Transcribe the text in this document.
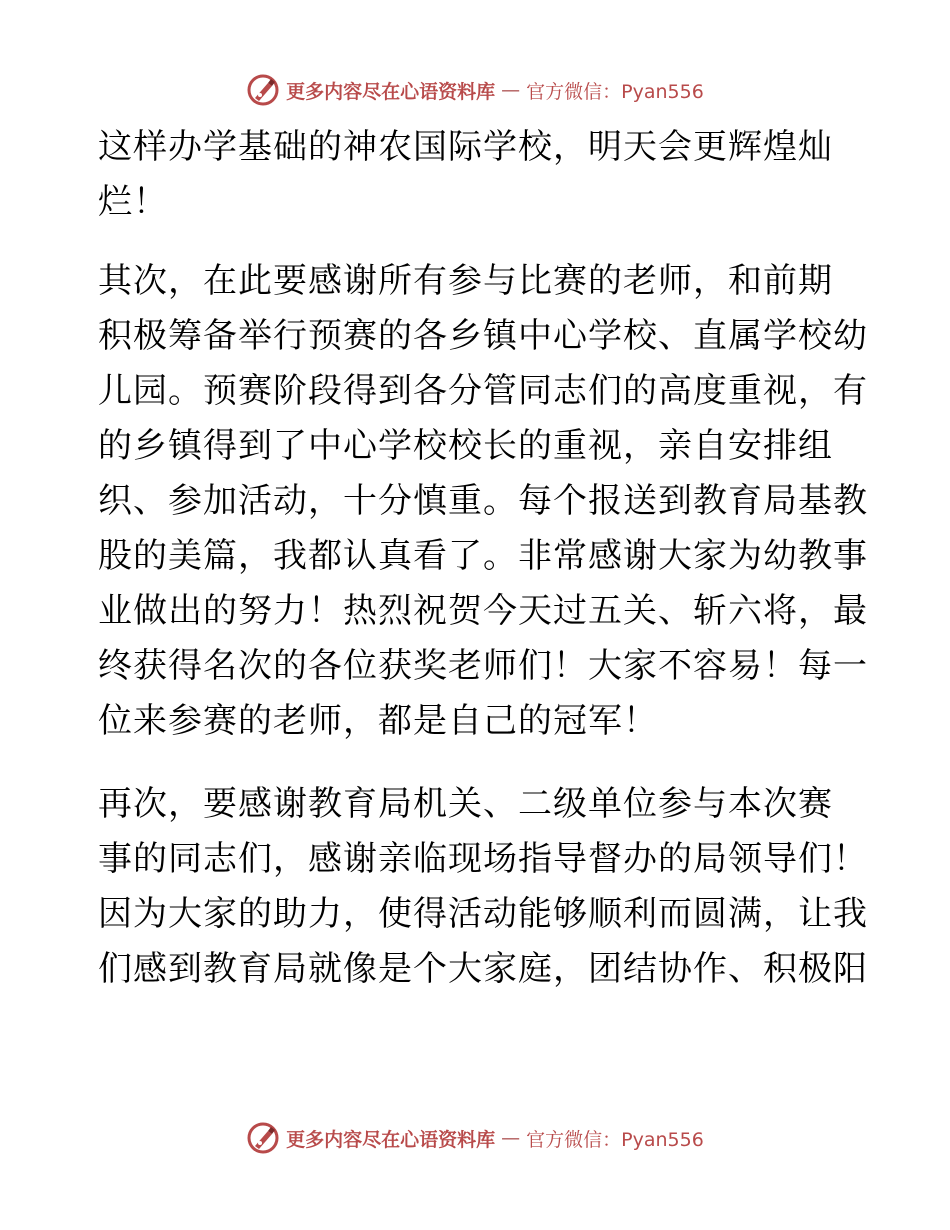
更多内容尽在心语资料库 — 官方微信：Pyan556
这样办学基础的神农国际学校，明天会更辉煌灿
烂！
其次，在此要感谢所有参与比赛的老师，和前期
积极筹备举行预赛的各乡镇中心学校、直属学校幼
儿园。预赛阶段得到各分管同志们的高度重视，有
的乡镇得到了中心学校校长的重视，亲自安排组
织、参加活动，十分慎重。每个报送到教育局基教
股的美篇，我都认真看了。非常感谢大家为幼教事
业做出的努力！热烈祝贺今天过五关、斩六将，最
终获得名次的各位获奖老师们！大家不容易！每一
位来参赛的老师，都是自己的冠军！
再次，要感谢教育局机关、二级单位参与本次赛
事的同志们，感谢亲临现场指导督办的局领导们！
因为大家的助力，使得活动能够顺利而圆满，让我
们感到教育局就像是个大家庭，团结协作、积极阳
更多内容尽在心语资料库 — 官方微信：Pyan556
